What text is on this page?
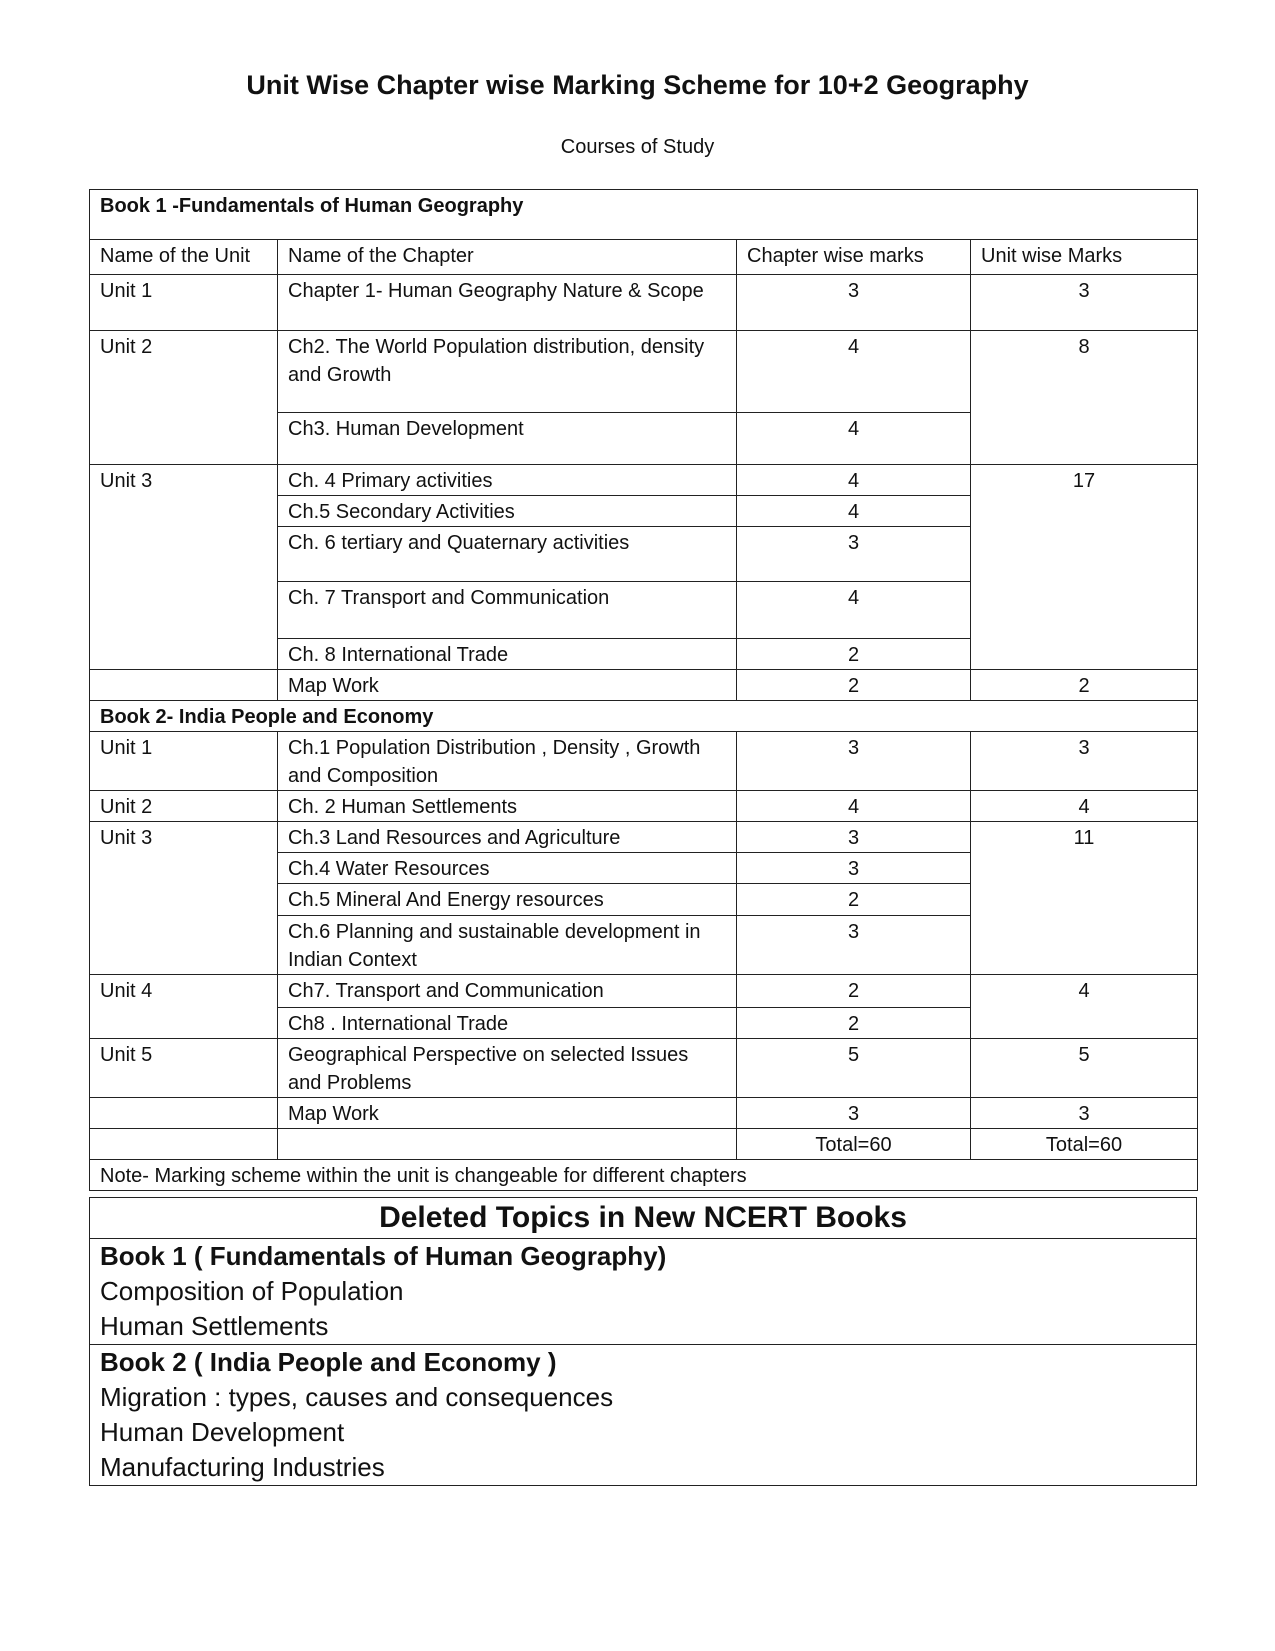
Unit Wise Chapter wise Marking Scheme for 10+2 Geography
Courses of Study
Book 1 -Fundamentals of Human Geography			
Name of the Unit	Name of the Chapter	Chapter wise marks	Unit wise Marks
Unit 1	Chapter 1- Human Geography Nature & Scope	3	3
Unit 2	Ch2. The World Population distribution, density and Growth	4	8
	Ch3. Human Development	4	
Unit 3	Ch. 4 Primary activities	4	17
	Ch.5 Secondary Activities	4	
	Ch. 6 tertiary and Quaternary activities	3	
	Ch. 7 Transport and Communication	4	
	Ch. 8 International Trade	2	
	Map Work	2	2
Book 2- India People and Economy			
Unit 1	Ch.1 Population Distribution , Density , Growth and Composition	3	3
Unit 2	Ch. 2 Human Settlements	4	4
Unit 3	Ch.3 Land Resources and Agriculture	3	11
	Ch.4 Water Resources	3	
	Ch.5 Mineral And Energy resources	2	
	Ch.6 Planning and sustainable development in Indian Context	3	
Unit 4	Ch7. Transport and Communication	2	4
	Ch8 . International Trade	2	
Unit 5	Geographical Perspective on selected Issues and Problems	5	5
	Map Work	3	3
		Total=60	Total=60
Note- Marking scheme within the unit is changeable for different chapters			
Deleted Topics in New NCERT Books

Book 1 ( Fundamentals of Human Geography)
Composition of Population
Human Settlements

Book 2 ( India People and Economy )
Migration : types, causes and consequences
Human Development
Manufacturing Industries
